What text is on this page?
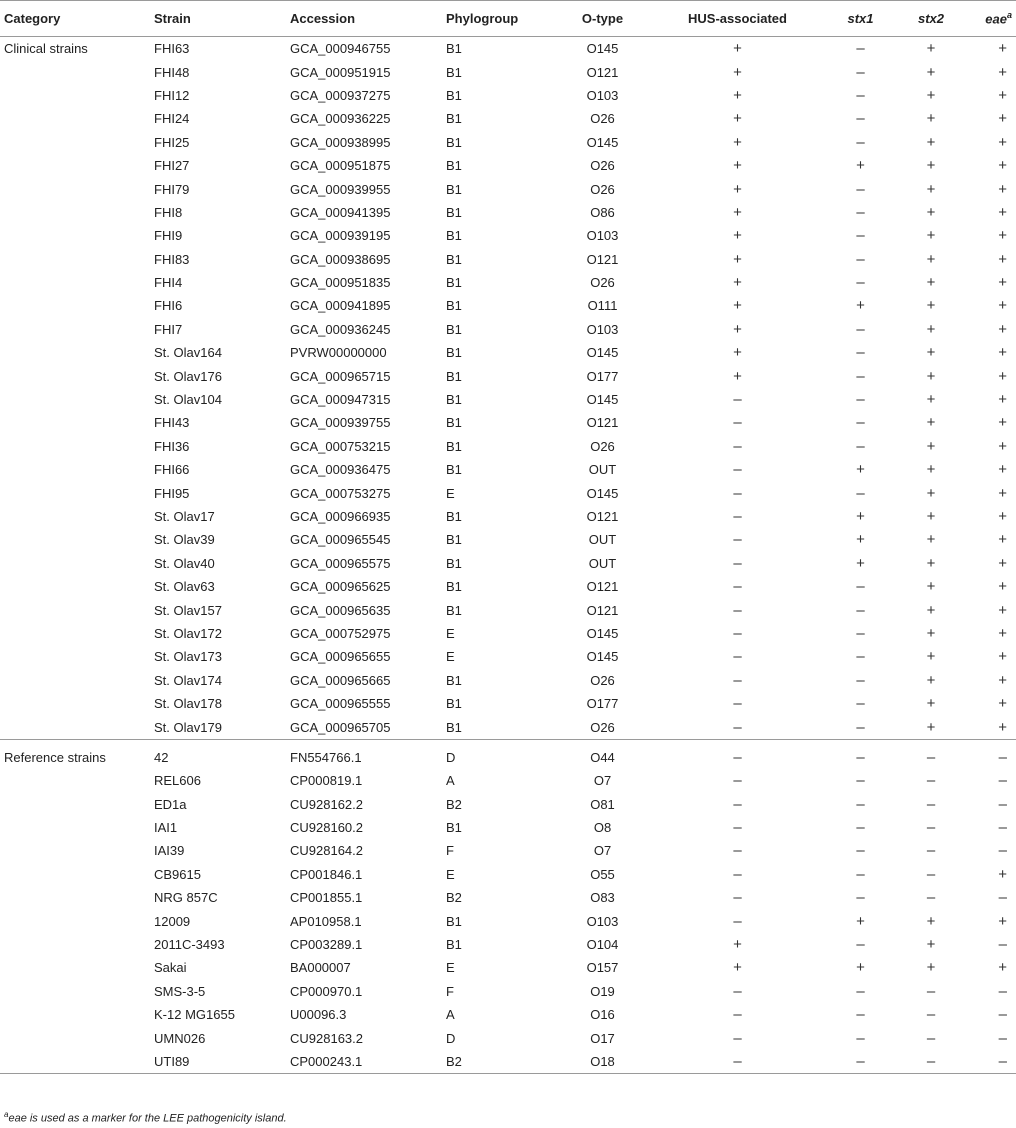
Category	Strain	Accession	Phylogroup	O-type	HUS-associated	stx1	stx2	eae$^a$
Clinical strains	FHI63	GCA_000946755	B1	O145	+	–	+	+
	FHI48	GCA_000951915	B1	O121	+	–	+	+
	FHI12	GCA_000937275	B1	O103	+	–	+	+
	FHI24	GCA_000936225	B1	O26	+	–	+	+
	FHI25	GCA_000938995	B1	O145	+	–	+	+
	FHI27	GCA_000951875	B1	O26	+	+	+	+
	FHI79	GCA_000939955	B1	O26	+	–	+	+
	FHI8	GCA_000941395	B1	O86	+	–	+	+
	FHI9	GCA_000939195	B1	O103	+	–	+	+
	FHI83	GCA_000938695	B1	O121	+	–	+	+
	FHI4	GCA_000951835	B1	O26	+	–	+	+
	FHI6	GCA_000941895	B1	O111	+	+	+	+
	FHI7	GCA_000936245	B1	O103	+	–	+	+
	St. Olav164	PVRW00000000	B1	O145	+	–	+	+
	St. Olav176	GCA_000965715	B1	O177	+	–	+	+
	St. Olav104	GCA_000947315	B1	O145	–	–	+	+
	FHI43	GCA_000939755	B1	O121	–	–	+	+
	FHI36	GCA_000753215	B1	O26	–	–	+	+
	FHI66	GCA_000936475	B1	OUT	–	+	+	+
	FHI95	GCA_000753275	E	O145	–	–	+	+
	St. Olav17	GCA_000966935	B1	O121	–	+	+	+
	St. Olav39	GCA_000965545	B1	OUT	–	+	+	+
	St. Olav40	GCA_000965575	B1	OUT	–	+	+	+
	St. Olav63	GCA_000965625	B1	O121	–	–	+	+
	St. Olav157	GCA_000965635	B1	O121	–	–	+	+
	St. Olav172	GCA_000752975	E	O145	–	–	+	+
	St. Olav173	GCA_000965655	E	O145	–	–	+	+
	St. Olav174	GCA_000965665	B1	O26	–	–	+	+
	St. Olav178	GCA_000965555	B1	O177	–	–	+	+
	St. Olav179	GCA_000965705	B1	O26	–	–	+	+

Reference strains	42	FN554766.1	D	O44	–	–	–	–
	REL606	CP000819.1	A	O7	–	–	–	–
	ED1a	CU928162.2	B2	O81	–	–	–	–
	IAI1	CU928160.2	B1	O8	–	–	–	–
	IAI39	CU928164.2	F	O7	–	–	–	–
	CB9615	CP001846.1	E	O55	–	–	–	+
	NRG 857C	CP001855.1	B2	O83	–	–	–	–
	12009	AP010958.1	B1	O103	–	+	+	+
	2011C-3493	CP003289.1	B1	O104	+	–	+	–
	Sakai	BA000007	E	O157	+	+	+	+
	SMS-3-5	CP000970.1	F	O19	–	–	–	–
	K-12 MG1655	U00096.3	A	O16	–	–	–	–
	UMN026	CU928163.2	D	O17	–	–	–	–
	UTI89	CP000243.1	B2	O18	–	–	–	–
$^a$eae is used as a marker for the LEE pathogenicity island.
